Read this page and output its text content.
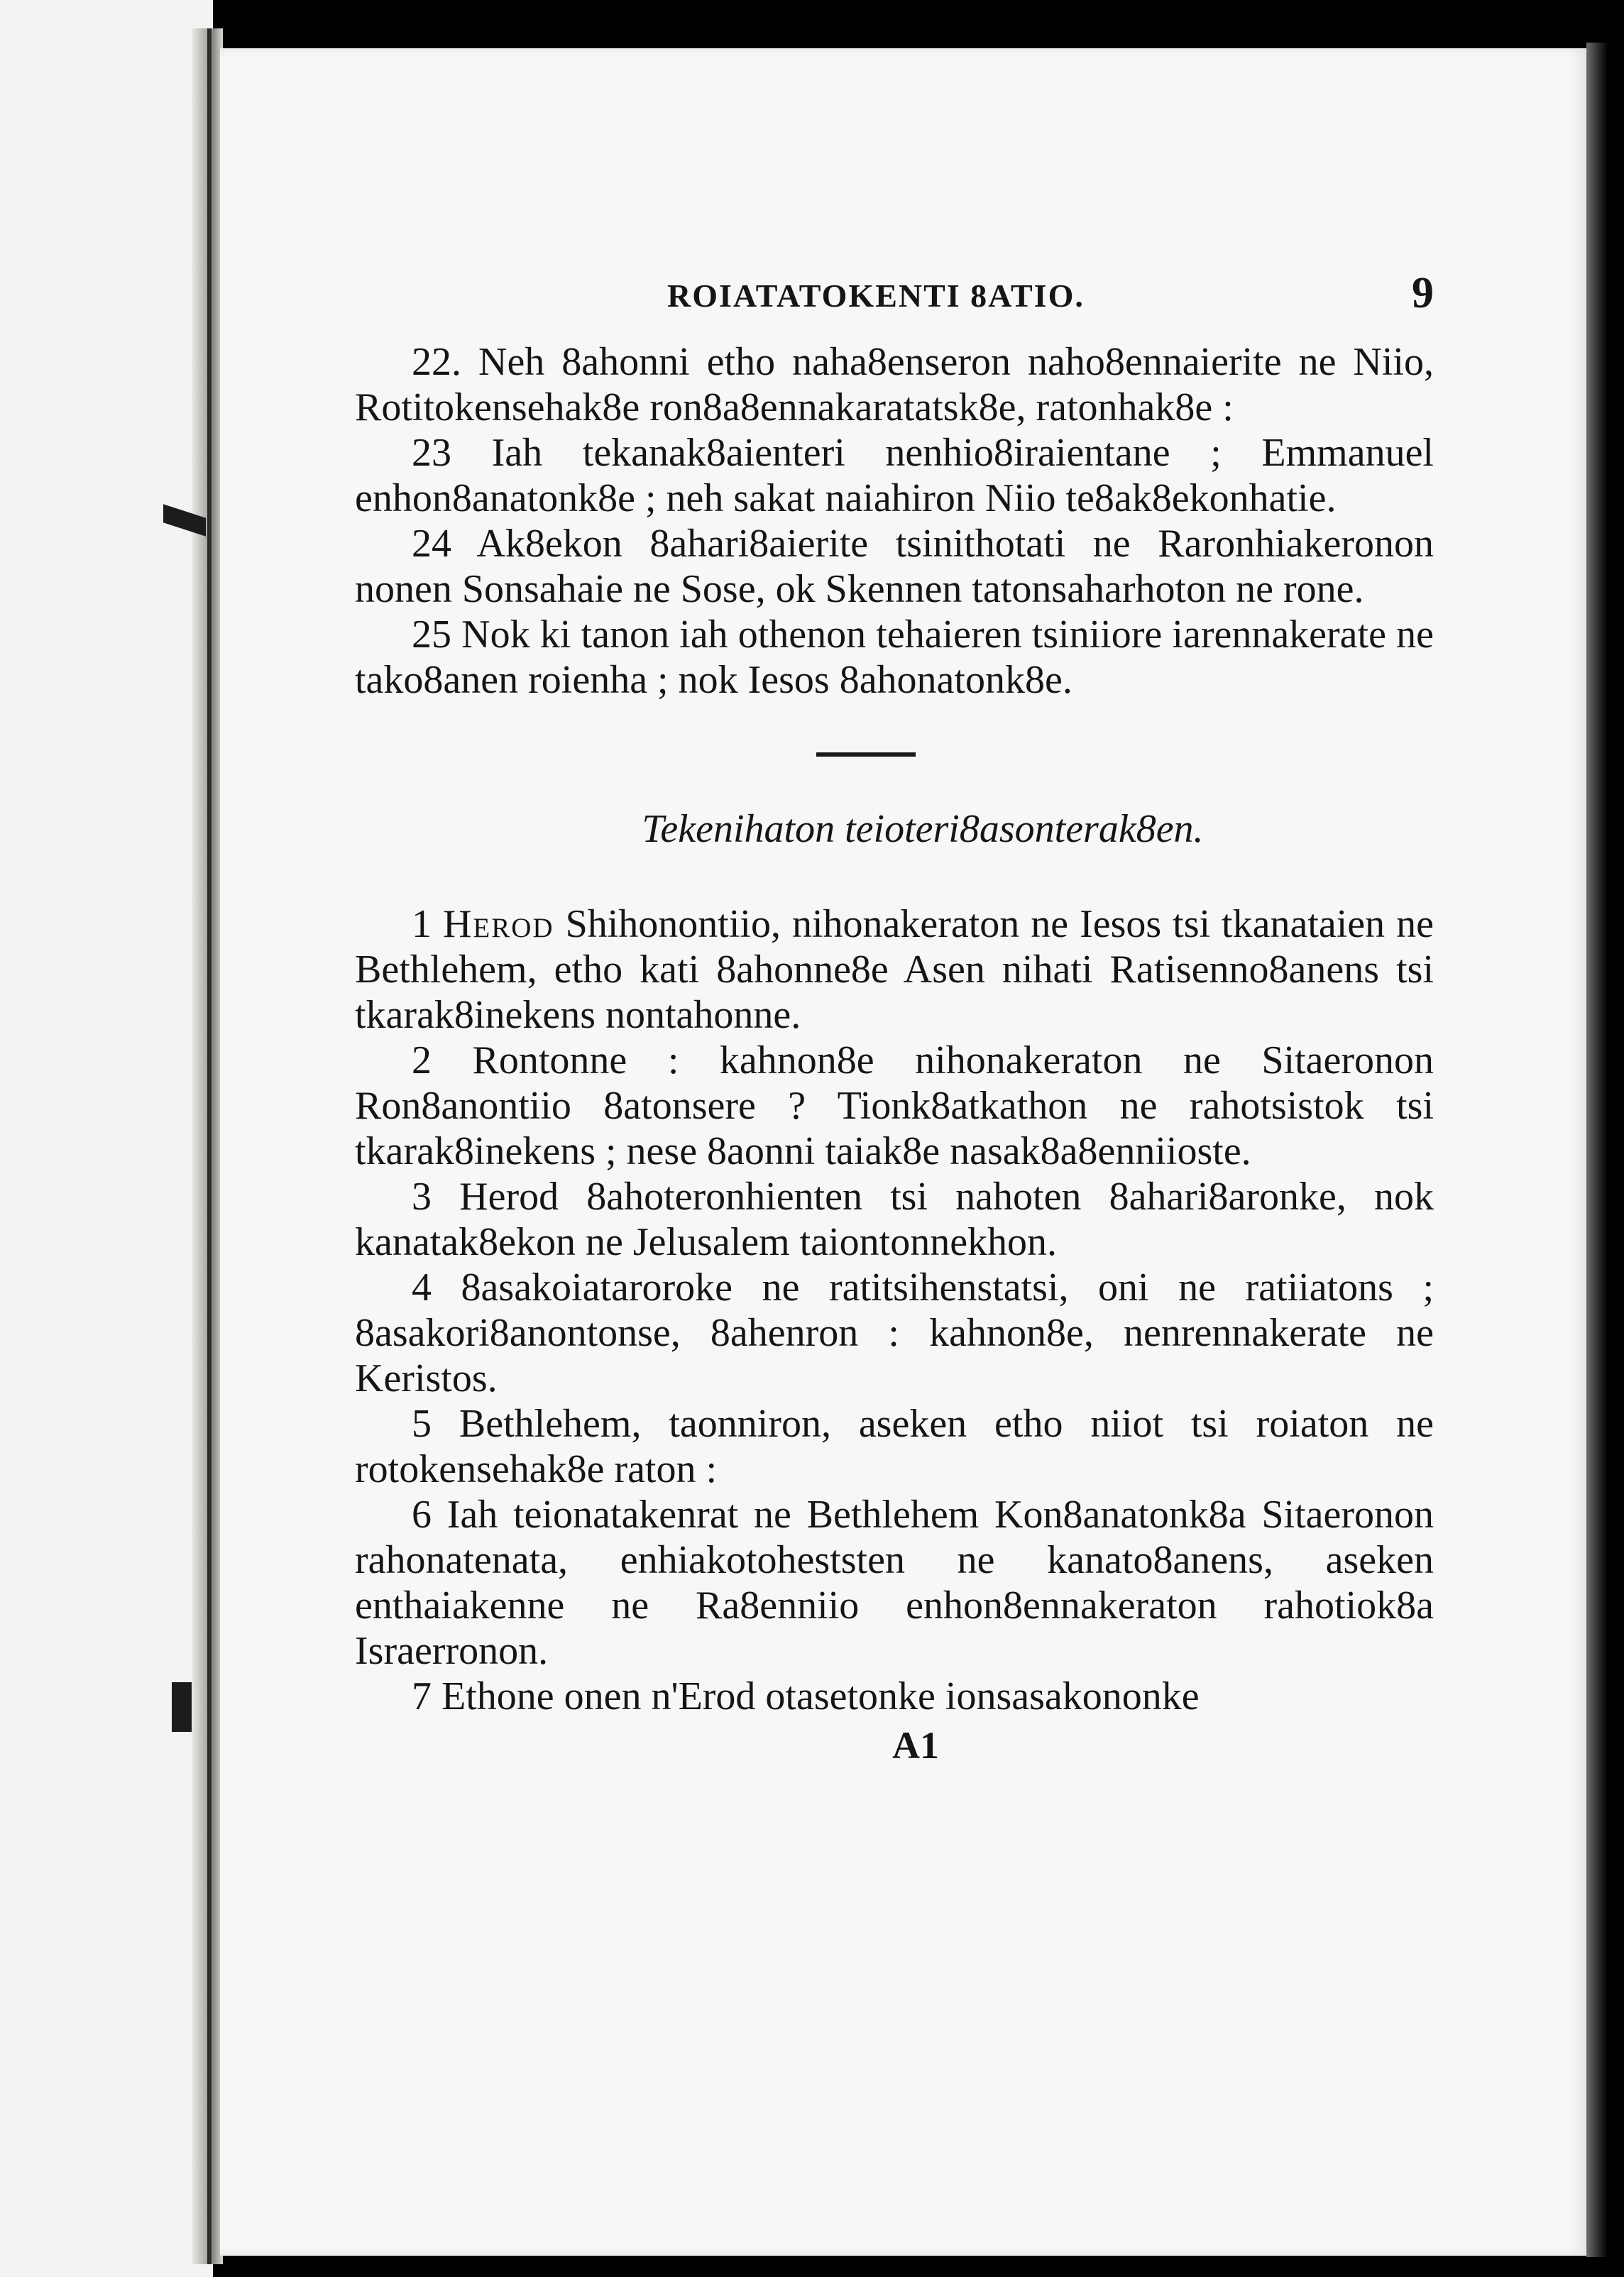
ROIATATOKENTI 8ATIO.	9

22. Neh 8ahonni etho naha8enseron naho8ennaierite ne Niio, Rotitokensehak8e ron8a8ennakaratatsk8e, ratonhak8e :

23 Iah tekanak8aienteri nenhio8iraientane ; Emmanuel enhon8anatonk8e ; neh sakat naiahiron Niio te8ak8ekonhatie.

24 Ak8ekon 8ahari8aierite tsinithotati ne Raronhiakeronon nonen Sonsahaie ne Sose, ok Skennen tatonsaharhoton ne rone.

25 Nok ki tanon iah othenon tehaieren tsiniiore iarennakerate ne tako8anen roienha ; nok Iesos 8ahonatonk8e.

Tekenihaton teioteri8asonterak8en.

1 Herod Shihonontiio, nihonakeraton ne Iesos tsi tkanataien ne Bethlehem, etho kati 8ahonne8e Asen nihati Ratisenno8anens tsi tkarak8inekens nontahonne.

2 Rontonne : kahnon8e nihonakeraton ne Sitaeronon Ron8anontiio 8atonsere ? Tionk8atkathon ne rahotsistok tsi tkarak8inekens ; nese 8aonni taiak8e nasak8a8enniioste.

3 Herod 8ahoteronhienten tsi nahoten 8ahari8aronke, nok kanatak8ekon ne Jelusalem taiontonnekhon.

4 8asakoiataroroke ne ratitsihenstatsi, oni ne ratiiatons ; 8asakori8anontonse, 8ahenron : kahnon8e, nenrennakerate ne Keristos.

5 Bethlehem, taonniron, aseken etho niiot tsi roiaton ne rotokensehak8e raton :

6 Iah teionatakenrat ne Bethlehem Kon8anatonk8a Sitaeronon rahonatenata, enhiakotoheststen ne kanato8anens, aseken enthaiakenne ne Ra8enniio enhon8ennakeraton rahotiok8a Israerronon.

7 Ethone onen n'Erod otasetonke ionsasakononke

A1
